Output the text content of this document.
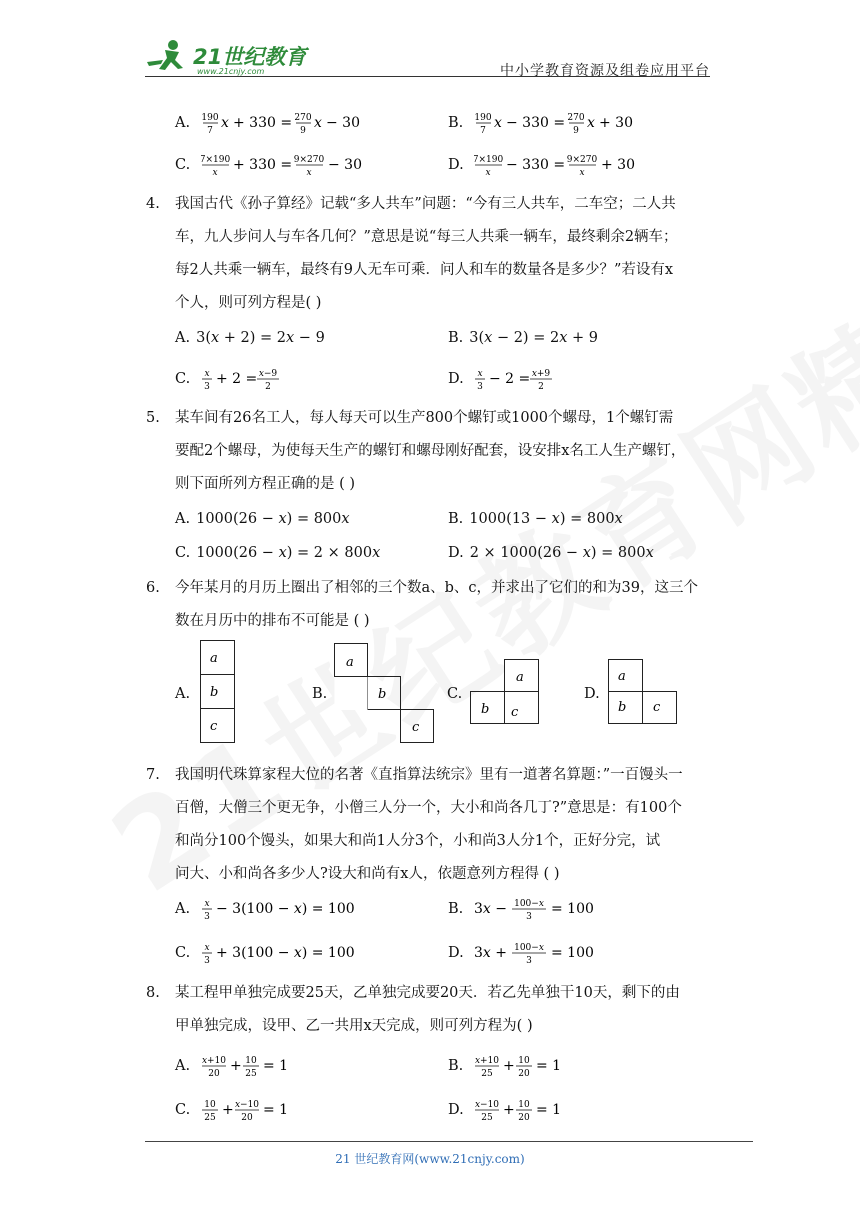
21世纪教育
www.21cnjy.com	中小学教育资源及组卷应用平台
A. 190
7 x + 330 = 270
9 x − 30	B. 190
7 x − 330 = 270
9 x + 30
C. 7×190
x + 330 = 9×270
x − 30	D. 7×190
x − 330 = 9×270
x + 30
4. 我国古代《孙子算经》记载“多人共车”问题：“今有三人共车，二车空；二人共
车，九人步问人与车各几何？”意思是说“每三人共乘一辆车，最终剩余2辆车；
每2人共乘一辆车，最终有9人无车可乘．问人和车的数量各是多少？”若设有x
个人，则可列方程是( )
A. 3(x + 2) = 2x − 9	B. 3(x − 2) = 2x + 9
C. x
3 + 2 = x−9
2	D. x
3 − 2 = x+9
2
5. 某车间有26名工人，每人每天可以生产800个螺钉或1000个螺母，1个螺钉需
要配2个螺母，为使每天生产的螺钉和螺母刚好配套，设安排x名工人生产螺钉，
则下面所列方程正确的是 ( )
A. 1000(26 − x) = 800x	B. 1000(13 − x) = 800x
C. 1000(26 − x) = 2 × 800x	D. 2 × 1000(26 − x) = 800x
6. 今年某月的月历上圈出了相邻的三个数a、b、c，并求出了它们的和为39，这三个
数在月历中的排布不可能是 ( )
A.
a
b
c
B.
a
b
c
C.
a
b c
D.
a
b c
7. 我国明代珠算家程大位的名著《直指算法统宗》里有一道著名算题：”一百馒头一
百僧，大僧三个更无争，小僧三人分一个，大小和尚各几丁?”意思是：有100个
和尚分100个馒头，如果大和尚1人分3个，小和尚3人分1个，正好分完，试
问大、小和尚各多少人?设大和尚有x人，依题意列方程得 ( )
A. x
3 − 3(100 − x) = 100	B. 3x − 100−x
3 = 100
C. x
3 + 3(100 − x) = 100	D. 3x + 100−x
3 = 100
8. 某工程甲单独完成要25天，乙单独完成要20天．若乙先单独干10天，剩下的由
甲单独完成，设甲、乙一共用x天完成，则可列方程为( )
A. x+10
20 + 10
25 = 1	B. x+10
25 + 10
20 = 1
C. 10
25 + x−10
20 = 1	D. x−10
25 + 10
20 = 1
21 世纪教育网(www.21cnjy.com)
